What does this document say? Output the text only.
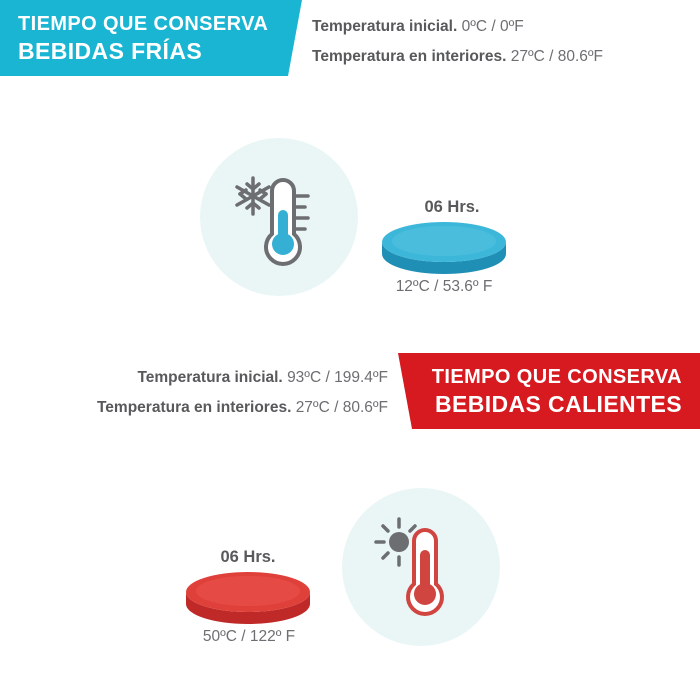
TIEMPO QUE CONSERVA
BEBIDAS FRÍAS
Temperatura inicial. 0ºC / 0ºF
Temperatura en interiores. 27ºC / 80.6ºF
06 Hrs.
12ºC / 53.6º F
TIEMPO QUE CONSERVA
BEBIDAS CALIENTES
Temperatura inicial. 93ºC / 199.4ºF
Temperatura en interiores. 27ºC / 80.6ºF
06 Hrs.
50ºC / 122º F
